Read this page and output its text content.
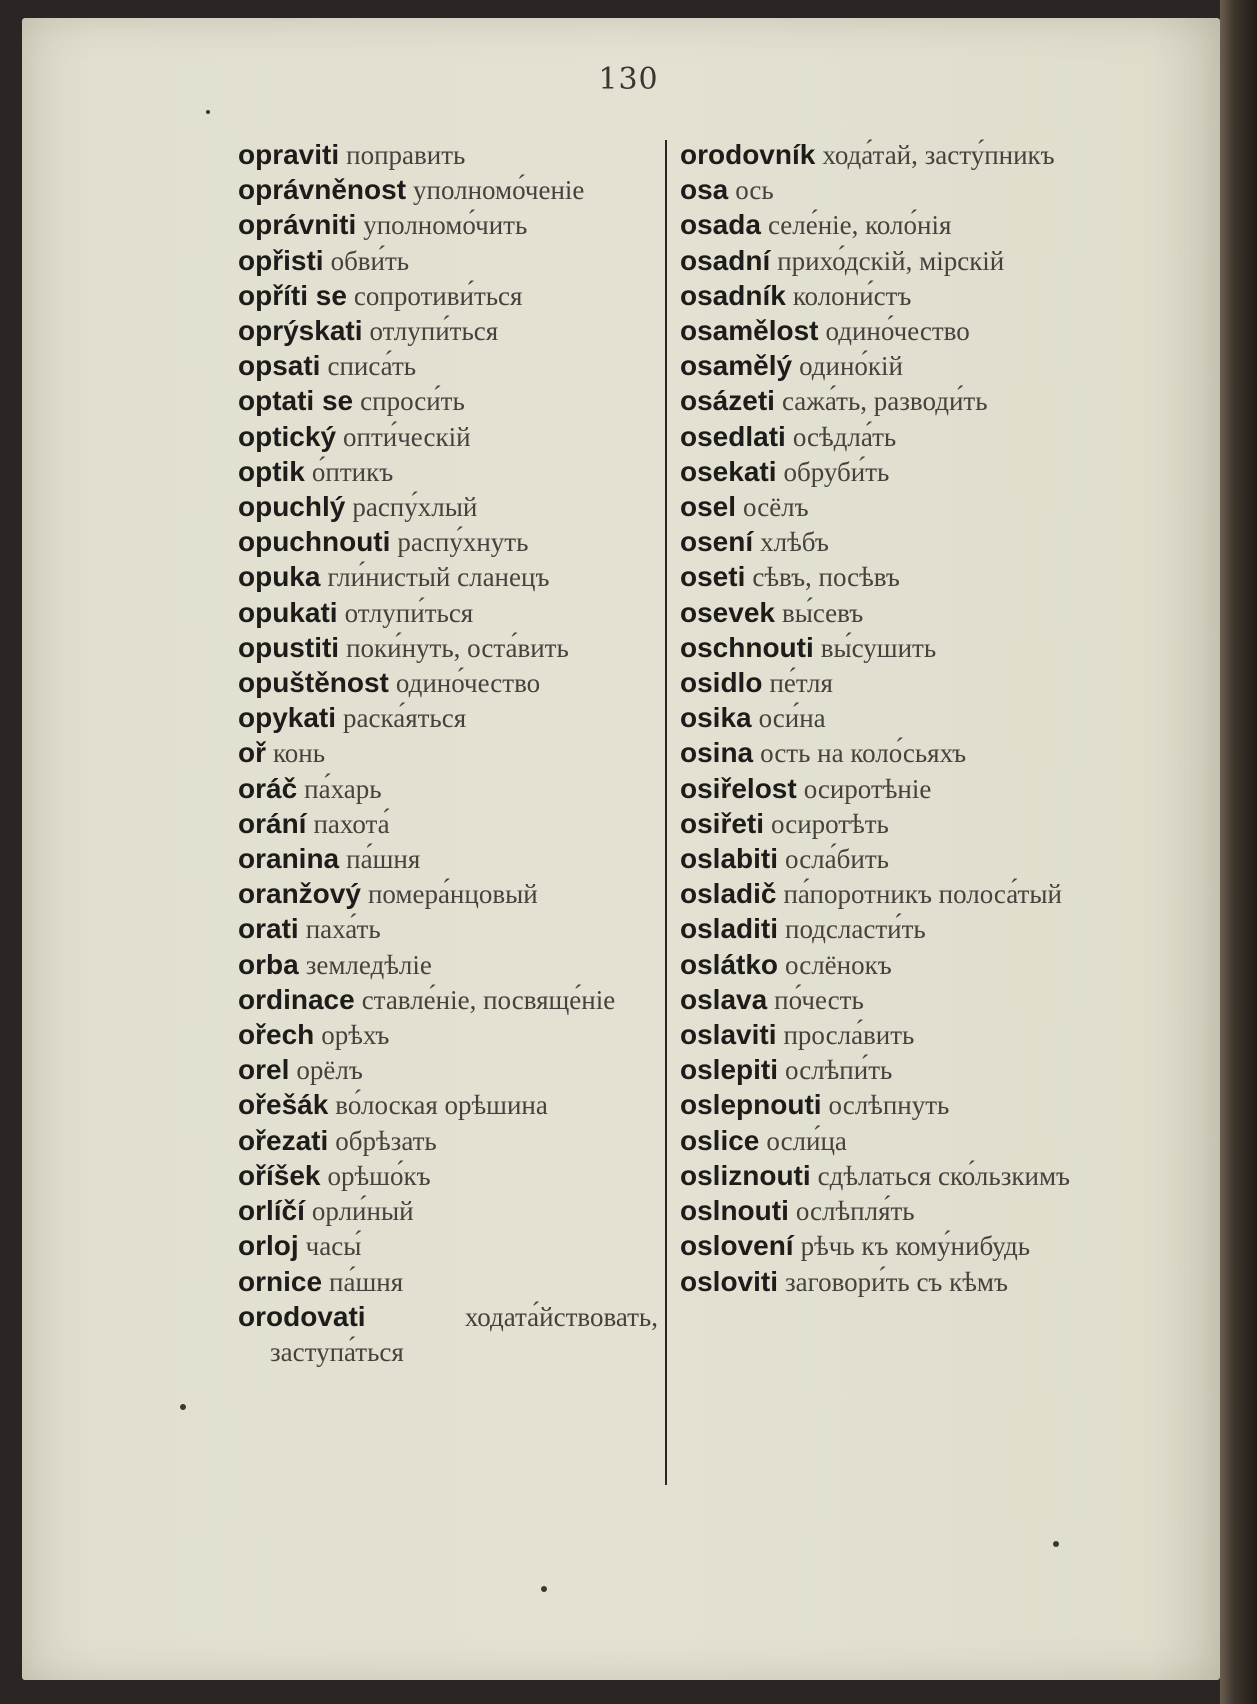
130
opraviti поправить
oprávněnost уполномо́ченіе
oprávniti уполномо́чить
opřisti обви́ть
opříti se сопротиви́ться
oprýskati отлупи́ться
opsati списа́ть
optati se спроси́ть
optický опти́ческій
optik о́птикъ
opuchlý распу́хлый
opuchnouti распу́хнуть
opuka гли́нистый сланецъ
opukati отлупи́ться
opustiti поки́нуть, оста́вить
opuštěnost одино́чество
opykati раска́яться
oř конь
oráč па́харь
orání пахота́
oranina па́шня
oranžový помера́нцовый
orati паха́ть
orba земледѣліе
ordinace ставле́ніе, посвяще́ніе
ořech орѣхъ
orel орёлъ
ořešák во́лоская орѣшина
ořezati обрѣзать
oříšek орѣшо́къ
orlíčí орли́ный
orloj часы́
ornice па́шня
orodovati	ходата́йствовать, заступа́ться
orodovník хода́тай, засту́пникъ
osa ось
osada селе́ніе, коло́нія
osadní прихо́дскій, мірскій
osadník колони́стъ
osamělost одино́чество
osamělý одино́кій
osázeti сажа́ть, разводи́ть
osedlati осѣдла́ть
osekati обруби́ть
osel осёлъ
osení хлѣбъ
oseti сѣвъ, посѣвъ
osevek вы́севъ
oschnouti вы́сушить
osidlo пе́тля
osika оси́на
osina ость на коло́сьяхъ
osiřelost осиротѣніе
osiřeti осиротѣть
oslabiti осла́бить
osladič па́поротникъ полоса́тый
osladiti подсласти́ть
oslátko ослёнокъ
oslava по́честь
oslaviti просла́вить
oslepiti ослѣпи́ть
oslepnouti ослѣпнуть
oslice осли́ца
osliznouti сдѣлаться ско́льзкимъ
oslnouti ослѣпля́ть
oslovení рѣчь къ кому́нибудь
osloviti заговори́ть съ кѣмъ
